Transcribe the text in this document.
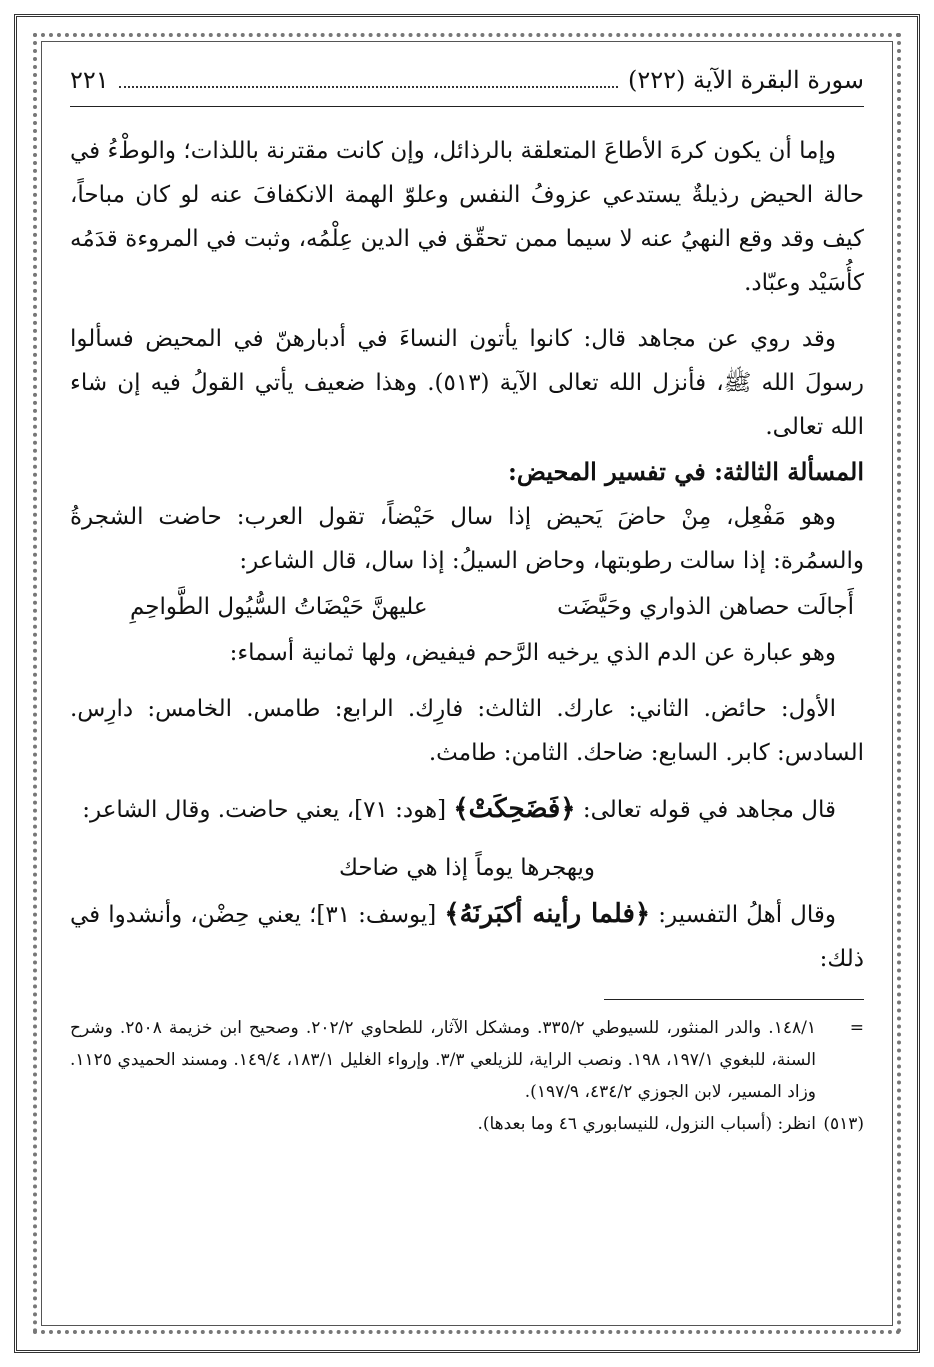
سورة البقرة الآية (٢٢٢)
٢٢١

وإما أن يكون كرهَ الأطاعَ المتعلقة بالرذائل، وإن كانت مقترنة باللذات؛ والوطْءُ في حالة الحيض رذيلةٌ يستدعي عزوفُ النفس وعلوّ الهمة الانكفافَ عنه لو كان مباحاً، كيف وقد وقع النهيُ عنه لا سيما ممن تحقّق في الدين عِلْمُه، وثبت في المروءة قدَمُه كأُسَيْد وعبّاد.

وقد روي عن مجاهد قال: كانوا يأتون النساءَ في أدبارهنّ في المحيض فسألوا رسولَ الله ﷺ، فأنزل الله تعالى الآية (٥١٣). وهذا ضعيف يأتي القولُ فيه إن شاء الله تعالى.

المسألة الثالثة: في تفسير المحيض:

وهو مَفْعِل، مِنْ حاضَ يَحيض إذا سال حَيْضاً، تقول العرب: حاضت الشجرةُ والسمُرة: إذا سالت رطوبتها، وحاض السيلُ: إذا سال، قال الشاعر:

أَجالَت حصاهن الذواري وحَيَّضَت
عليهنَّ حَيْضَاتُ السُّيُول الطَّواحِمِ

وهو عبارة عن الدم الذي يرخيه الرَّحم فيفيض، ولها ثمانية أسماء:

الأول: حائض. الثاني: عارك. الثالث: فارِك. الرابع: طامس. الخامس: دارِس. السادس: كابر. السابع: ضاحك. الثامن: طامث.

قال مجاهد في قوله تعالى: ﴿فَضَحِكَتْ﴾ [هود: ٧١]، يعني حاضت. وقال الشاعر:

ويهجرها يوماً إذا هي ضاحك

وقال أهلُ التفسير: ﴿فلما رأينه أكبَرنَهُ﴾ [يوسف: ٣١]؛ يعني حِضْن، وأنشدوا في ذلك:

=
١٤٨/١. والدر المنثور، للسيوطي ٣٣٥/٢. ومشكل الآثار، للطحاوي ٢٠٢/٢. وصحيح ابن خزيمة ٢٥٠٨. وشرح السنة، للبغوي ١٩٧/١، ١٩٨. ونصب الراية، للزيلعي ٣/٣. وإرواء الغليل ١٨٣/١، ١٤٩/٤. ومسند الحميدي ١١٢٥. وزاد المسير، لابن الجوزي ٤٣٤/٢، ١٩٧/٩).
(٥١٣)
انظر: (أسباب النزول، للنيسابوري ٤٦ وما بعدها).
